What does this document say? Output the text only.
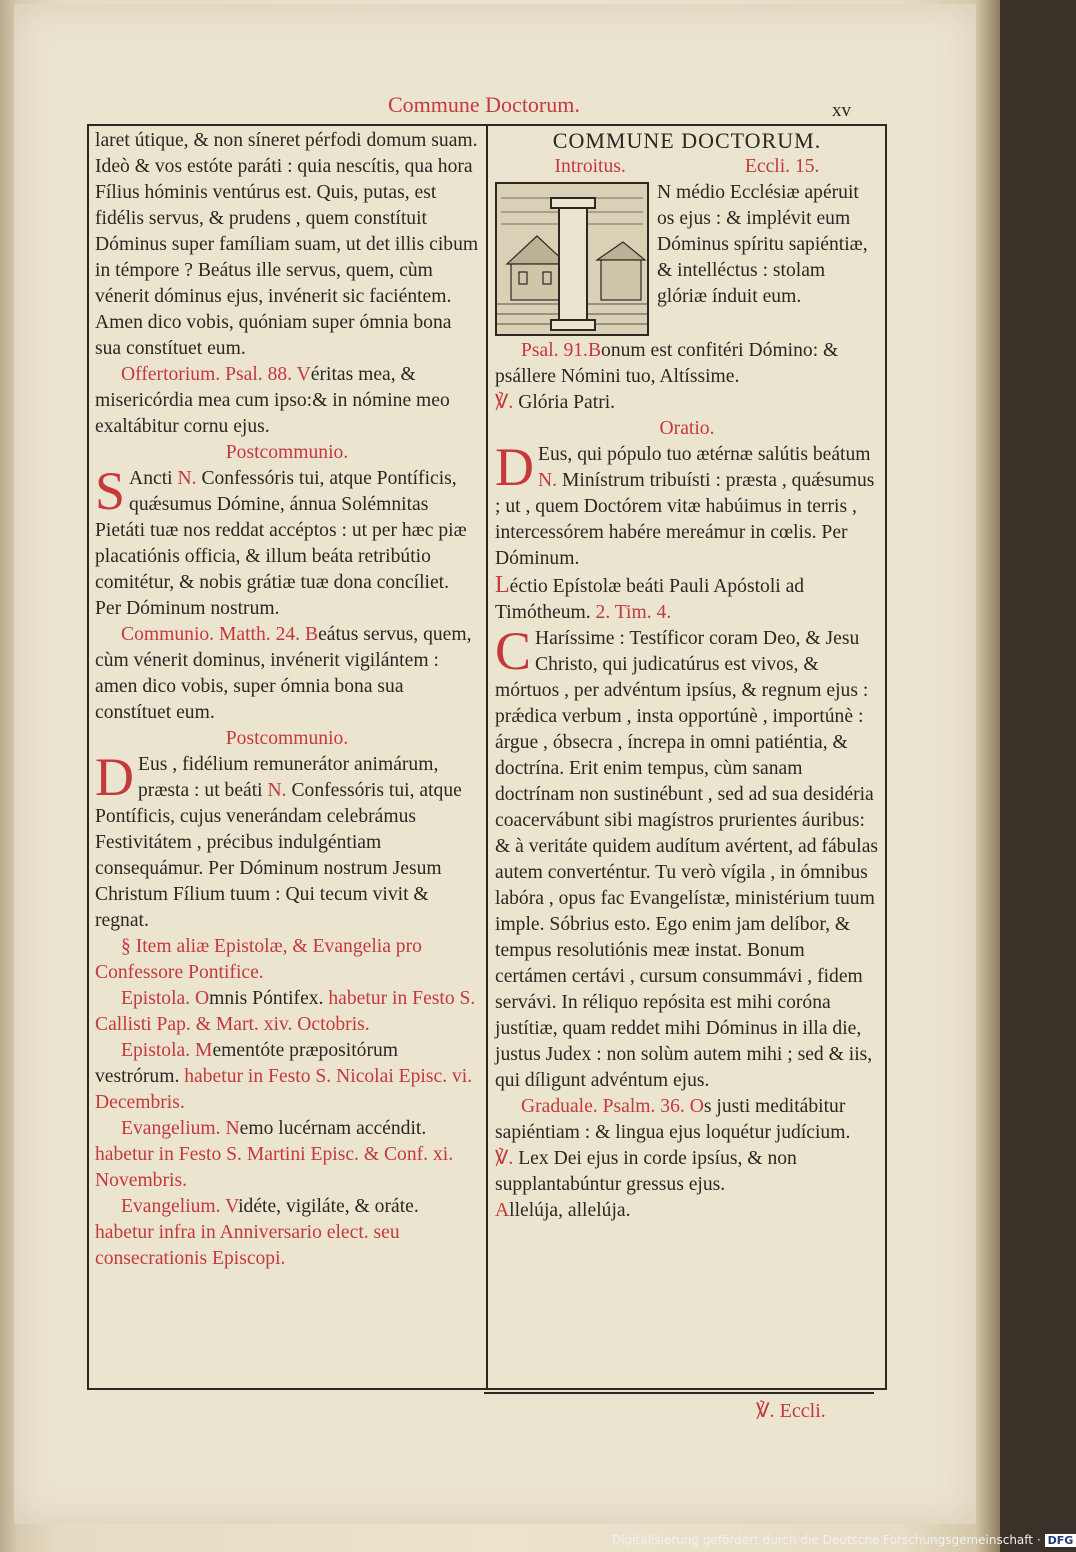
Commune Doctorum.	xv

laret útique, & non síneret pérfodi domum suam. Ideò & vos estóte paráti : quia nescítis, qua hora Fílius hóminis ventúrus est. Quis, putas, est fidélis servus, & prudens , quem constítuit Dóminus super famíliam suam, ut det illis cibum in témpore ? Beátus ille servus, quem, cùm vénerit dóminus ejus, invénerit sic faciéntem. Amen dico vobis, quóniam super ómnia bona sua constítuet eum.

Offertorium. Psal. 88. Véritas mea, & misericórdia mea cum ipso:& in nómine meo exaltábitur cornu ejus.

Postcommunio.

S Ancti N. Confessóris tui, atque Pontíficis, quǽsumus Dómine, ánnua Solémnitas Pietáti tuæ nos reddat accéptos : ut per hæc piæ placatiónis officia, & illum beáta retribútio comitétur, & nobis grátiæ tuæ dona concíliet. Per Dóminum nostrum.

Communio. Matth. 24. Beátus servus, quem, cùm vénerit dominus, invénerit vigilántem : amen dico vobis, super ómnia bona sua constítuet eum.

Postcommunio.

D Eus , fidélium remunerátor animárum, præsta : ut beáti N. Confessóris tui, atque Pontíficis, cujus venerándam celebrámus Festivitátem , précibus indulgéntiam consequámur. Per Dóminum nostrum Jesum Christum Fílium tuum : Qui tecum vivit & regnat.

§ Item aliæ Epistolæ, & Evangelia pro Confessore Pontifice.

Epistola. Omnis Póntifex. habetur in Festo S. Callisti Pap. & Mart. xiv. Octobris.

Epistola. Mementóte præpositórum vestrórum. habetur in Festo S. Nicolai Episc. vi. Decembris.

Evangelium. Nemo lucérnam accéndit. habetur in Festo S. Martini Episc. & Conf. xi. Novembris.

Evangelium. Vidéte, vigiláte, & oráte. habetur infra in Anniversario elect. seu consecrationis Episcopi.

COMMUNE DOCTORUM.

Introitus.	Eccli. 15.

N médio Ecclésiæ apéruit os ejus : & implévit eum Dóminus spíritu sapiéntiæ, & intelléctus : stolam glóriæ índuit eum.

Psal. 91.Bonum est confitéri Dómino: & psállere Nómini tuo, Altíssime.

℣. Glória Patri.

Oratio.

D Eus, qui pópulo tuo ætérnæ salútis beátum N. Minístrum tribuísti : præsta , quǽsumus ; ut , quem Doctórem vitæ habúimus in terris , intercessórem habére mereámur in cœlis. Per Dóminum.

Léctio Epístolæ beáti Pauli Apóstoli ad Timótheum. 2. Tim. 4.

C Haríssime : Testíficor coram Deo, & Jesu Christo, qui judicatúrus est vivos, & mórtuos , per advéntum ipsíus, & regnum ejus : prǽdica verbum , insta opportúnè , importúnè : árgue , óbsecra , íncrepa in omni patiéntia, & doctrína. Erit enim tempus, cùm sanam doctrínam non sustinébunt , sed ad sua desidéria coacervábunt sibi magístros prurientes áuribus: & à veritáte quidem audítum avértent, ad fábulas autem converténtur. Tu verò vígila , in ómnibus labóra , opus fac Evangelístæ, ministérium tuum imple. Sóbrius esto. Ego enim jam delíbor, & tempus resolutiónis meæ instat. Bonum certámen certávi , cursum consummávi , fidem servávi. In réliquo repósita est mihi coróna justítiæ, quam reddet mihi Dóminus in illa die, justus Judex : non solùm autem mihi ; sed & iis, qui díligunt advéntum ejus.

Graduale. Psalm. 36. Os justi meditábitur sapiéntiam : & lingua ejus loquétur judícium.

℣. Lex Dei ejus in corde ipsíus, & non supplantabúntur gressus ejus.

Allelúja, allelúja.

℣. Eccli.
Digitalisierung gefördert durch die Deutsche Forschungsgemeinschaft · DFG
